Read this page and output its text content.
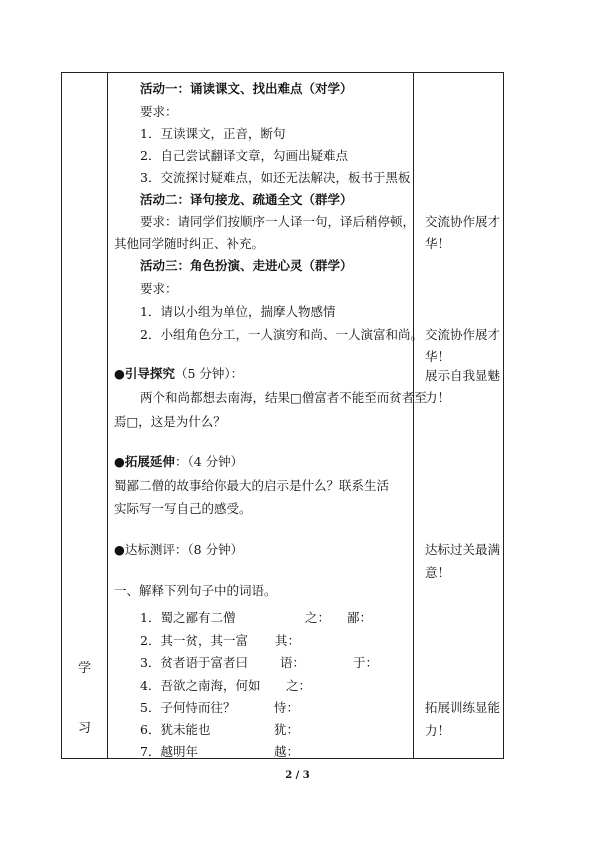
学
习
活动一：诵读课文、找出难点（对学）
要求：
1．互读课文，正音，断句
2．自己尝试翻译文章，勾画出疑难点
3．交流探讨疑难点，如还无法解决，板书于黑板
活动二：译句接龙、疏通全文（群学）
要求：请同学们按顺序一人译一句，译后稍停顿，
其他同学随时纠正、补充。
活动三：角色扮演、走进心灵（群学）
要求：
1．请以小组为单位，揣摩人物感情
2．小组角色分工，一人演穷和尚、一人演富和尚。
●引导探究（5 分钟）：
两个和尚都想去南海，结果□僧富者不能至而贫者至
焉□，这是为什么？
●拓展延伸：（4 分钟）
蜀鄙二僧的故事给你最大的启示是什么？联系生活
实际写一写自己的感受。
●达标测评：（8 分钟）
一、解释下列句子中的词语。
1．蜀之鄙有二僧	之： 鄙：
2．其一贫，其一富 其：
3．贫者语于富者曰	语：	于：
4．吾欲之南海，何如 之：
5．子何恃而往？	恃：
6．犹未能也	犹：
7．越明年	越：
交流协作展才
华！
交流协作展才
华！
展示自我显魅
力！
达标过关最满
意！
拓展训练显能
力！
2 / 3
